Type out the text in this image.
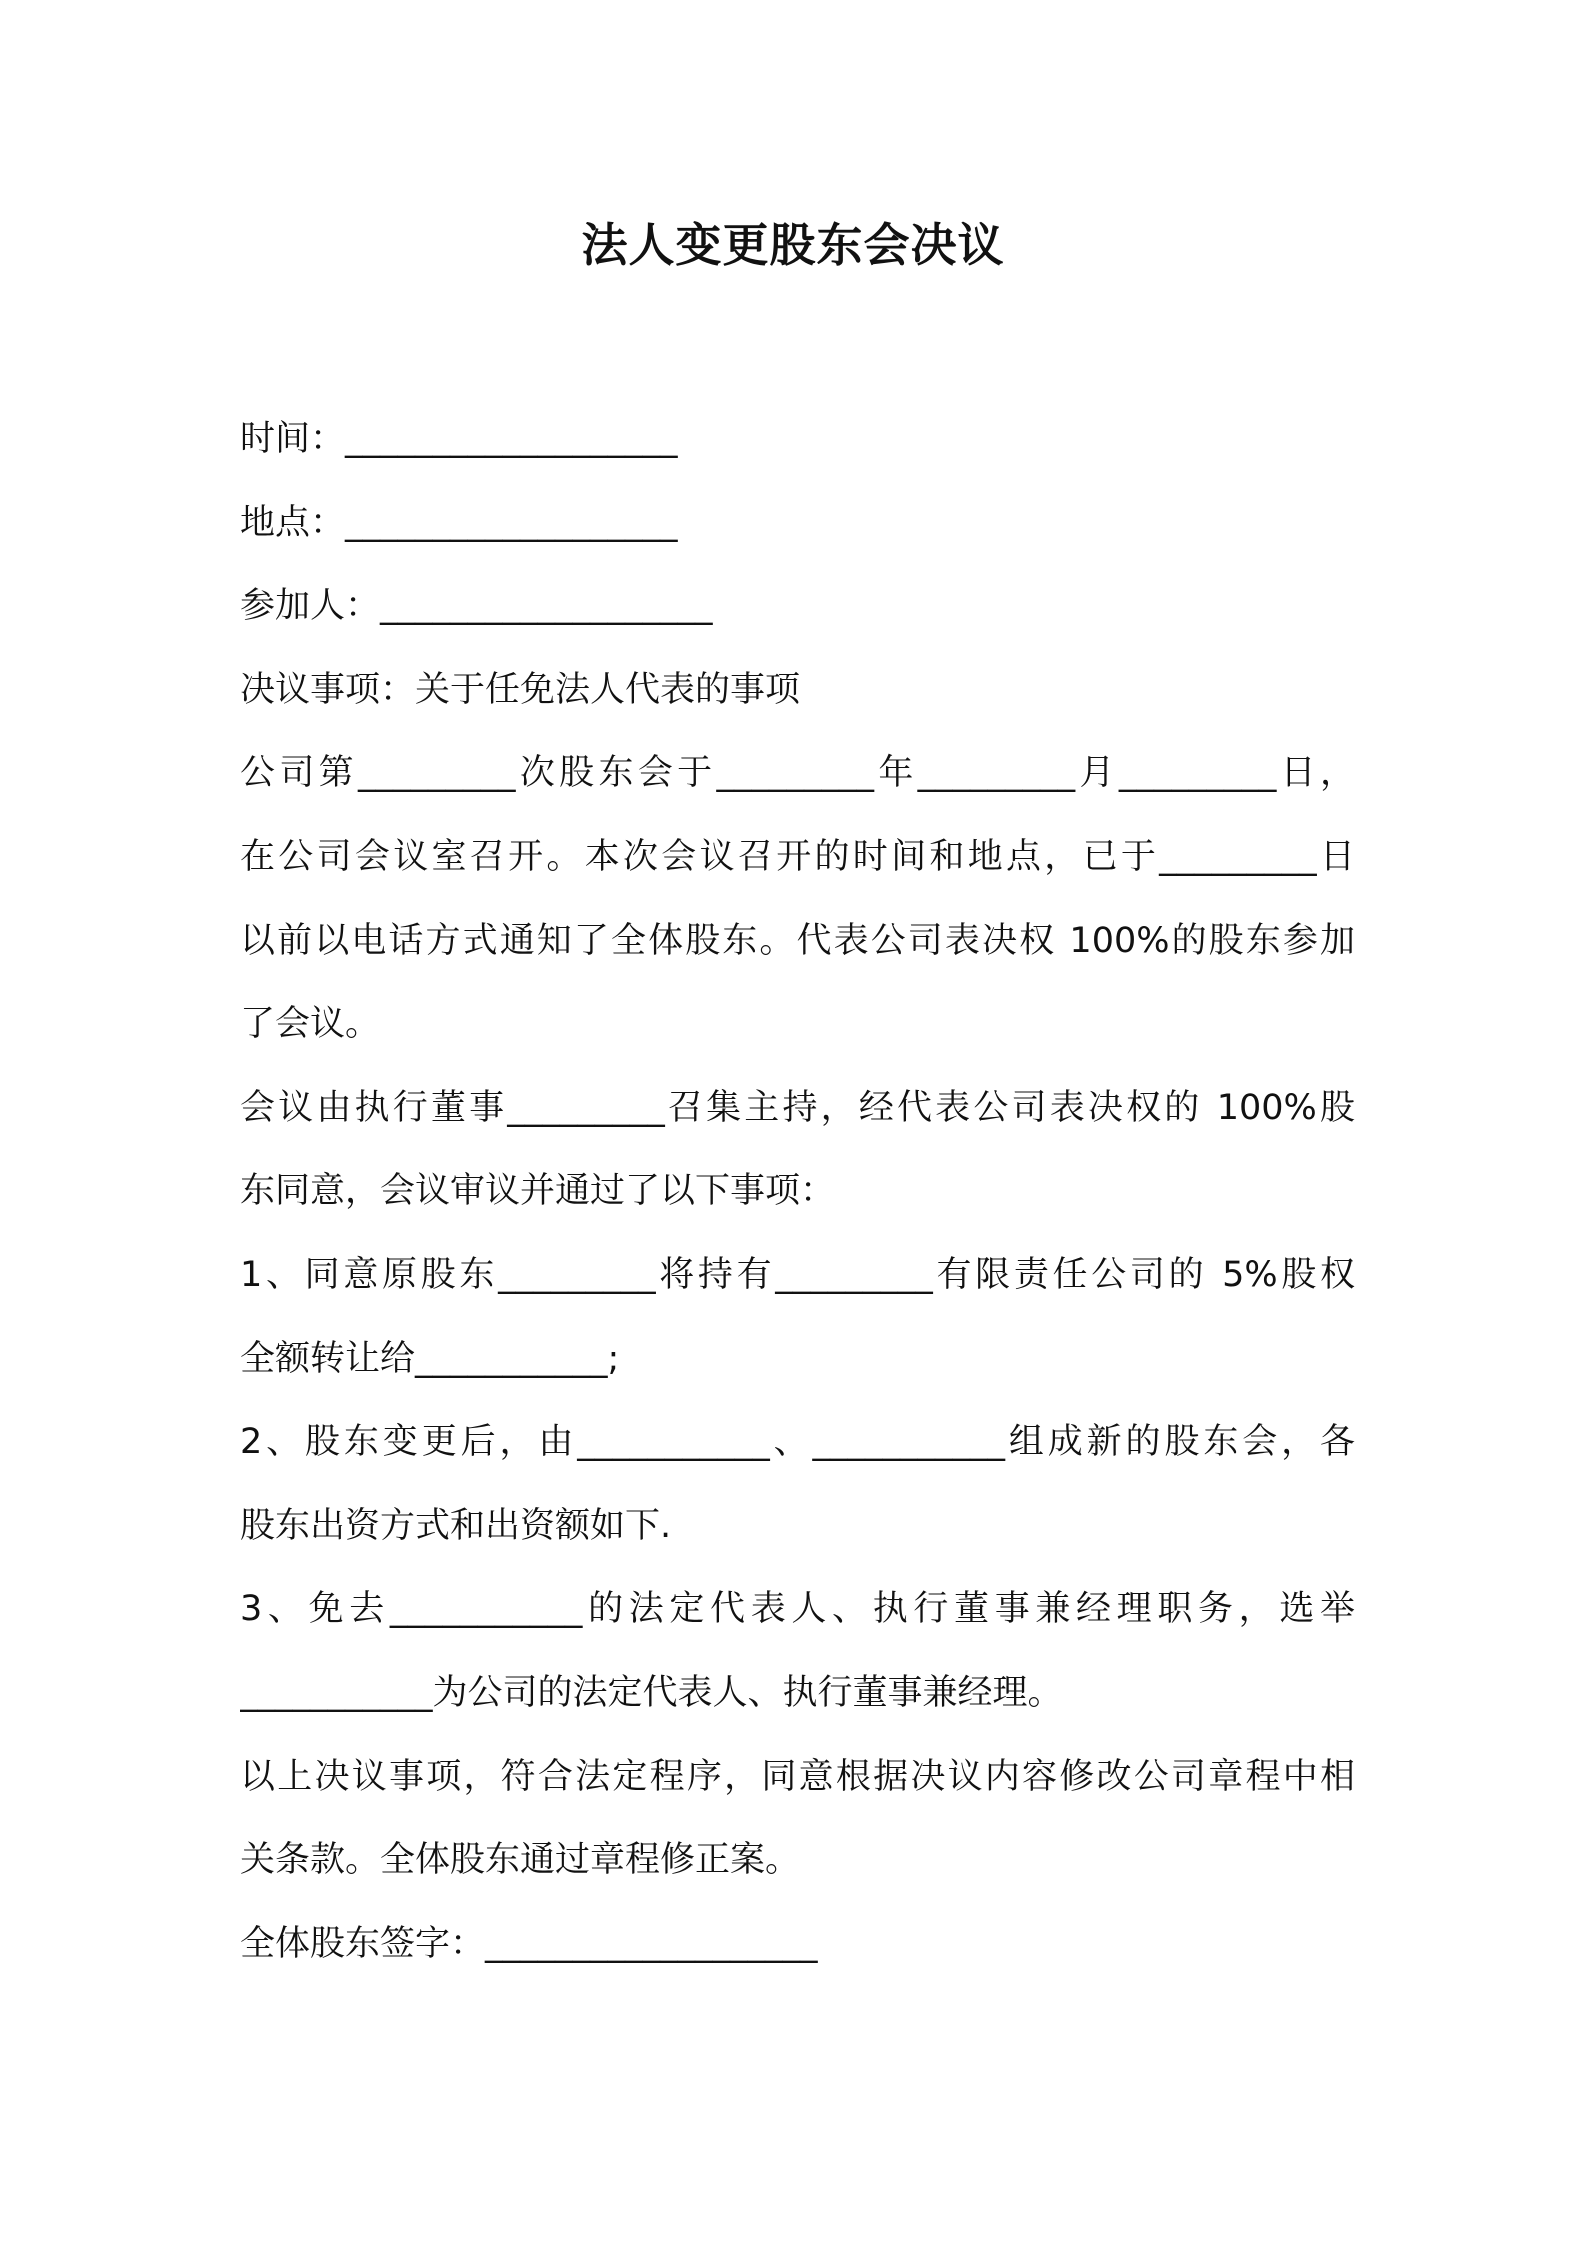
法人变更股东会决议
时间：___________________
地点：___________________
参加人：___________________
决议事项：关于任免法人代表的事项
公司第_________次股东会于_________年_________月_________日，
在公司会议室召开。本次会议召开的时间和地点，已于_________日
以前以电话方式通知了全体股东。代表公司表决权 100%的股东参加
了会议。
会议由执行董事_________召集主持，经代表公司表决权的 100%股
东同意，会议审议并通过了以下事项：
1、同意原股东_________将持有_________有限责任公司的 5%股权
全额转让给___________;
2、股东变更后，由___________、___________组成新的股东会，各
股东出资方式和出资额如下.
3、免去___________的法定代表人、执行董事兼经理职务，选举
___________为公司的法定代表人、执行董事兼经理。
以上决议事项，符合法定程序，同意根据决议内容修改公司章程中相
关条款。全体股东通过章程修正案。
全体股东签字：___________________
